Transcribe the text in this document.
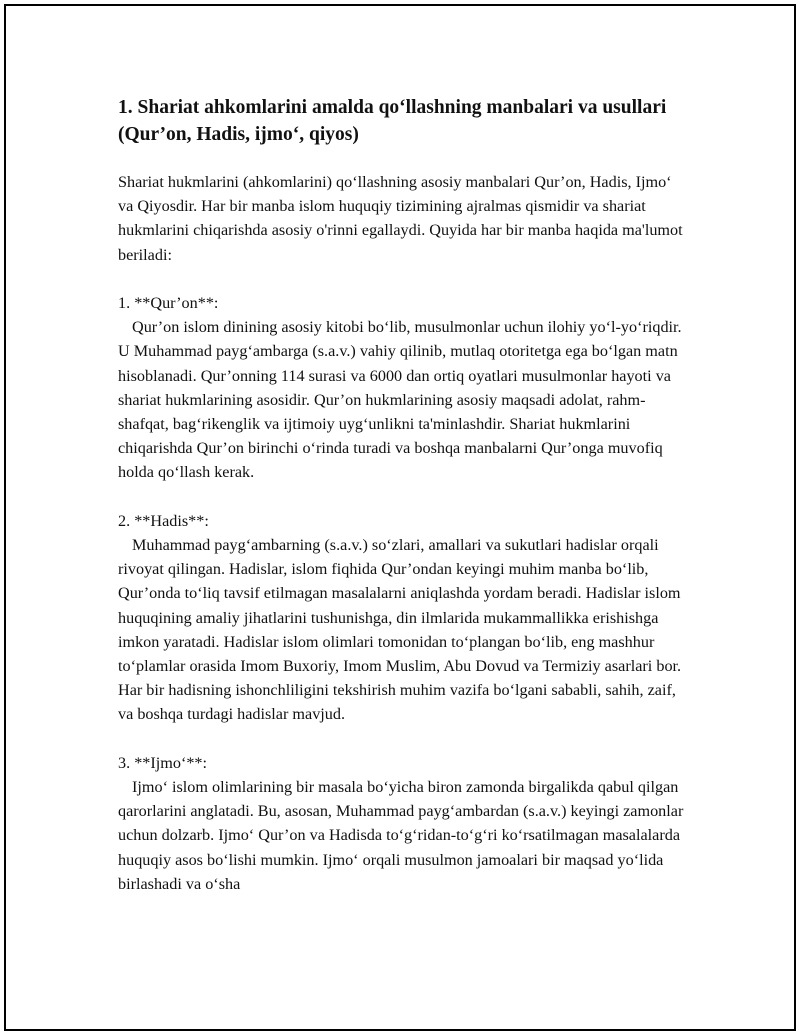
1. Shariat ahkomlarini amalda qo‘llashning manbalari va usullari (Qur’on, Hadis, ijmo‘, qiyos)

Shariat hukmlarini (ahkomlarini) qo‘llashning asosiy manbalari Qur’on, Hadis, Ijmo‘ va Qiyosdir. Har bir manba islom huquqiy tizimining ajralmas qismidir va shariat hukmlarini chiqarishda asosiy o'rinni egallaydi. Quyida har bir manba haqida ma'lumot beriladi:

1. **Qur’on**:

Qur’on islom dinining asosiy kitobi bo‘lib, musulmonlar uchun ilohiy yo‘l-yo‘riqdir. U Muhammad payg‘ambarga (s.a.v.) vahiy qilinib, mutlaq otoritetga ega bo‘lgan matn hisoblanadi. Qur’onning 114 surasi va 6000 dan ortiq oyatlari musulmonlar hayoti va shariat hukmlarining asosidir. Qur’on hukmlarining asosiy maqsadi adolat, rahm-shafqat, bag‘rikenglik va ijtimoiy uyg‘unlikni ta'minlashdir. Shariat hukmlarini chiqarishda Qur’on birinchi o‘rinda turadi va boshqa manbalarni Qur’onga muvofiq holda qo‘llash kerak.

2. **Hadis**:

Muhammad payg‘ambarning (s.a.v.) so‘zlari, amallari va sukutlari hadislar orqali rivoyat qilingan. Hadislar, islom fiqhida Qur’ondan keyingi muhim manba bo‘lib, Qur’onda to‘liq tavsif etilmagan masalalarni aniqlashda yordam beradi. Hadislar islom huquqining amaliy jihatlarini tushunishga, din ilmlarida mukammallikka erishishga imkon yaratadi. Hadislar islom olimlari tomonidan to‘plangan bo‘lib, eng mashhur to‘plamlar orasida Imom Buxoriy, Imom Muslim, Abu Dovud va Termiziy asarlari bor. Har bir hadisning ishonchliligini tekshirish muhim vazifa bo‘lgani sababli, sahih, zaif, va boshqa turdagi hadislar mavjud.

3. **Ijmo‘**:

Ijmo‘ islom olimlarining bir masala bo‘yicha biron zamonda birgalikda qabul qilgan qarorlarini anglatadi. Bu, asosan, Muhammad payg‘ambardan (s.a.v.) keyingi zamonlar uchun dolzarb. Ijmo‘ Qur’on va Hadisda to‘g‘ridan-to‘g‘ri ko‘rsatilmagan masalalarda huquqiy asos bo‘lishi mumkin. Ijmo‘ orqali musulmon jamoalari bir maqsad yo‘lida birlashadi va o‘sha
